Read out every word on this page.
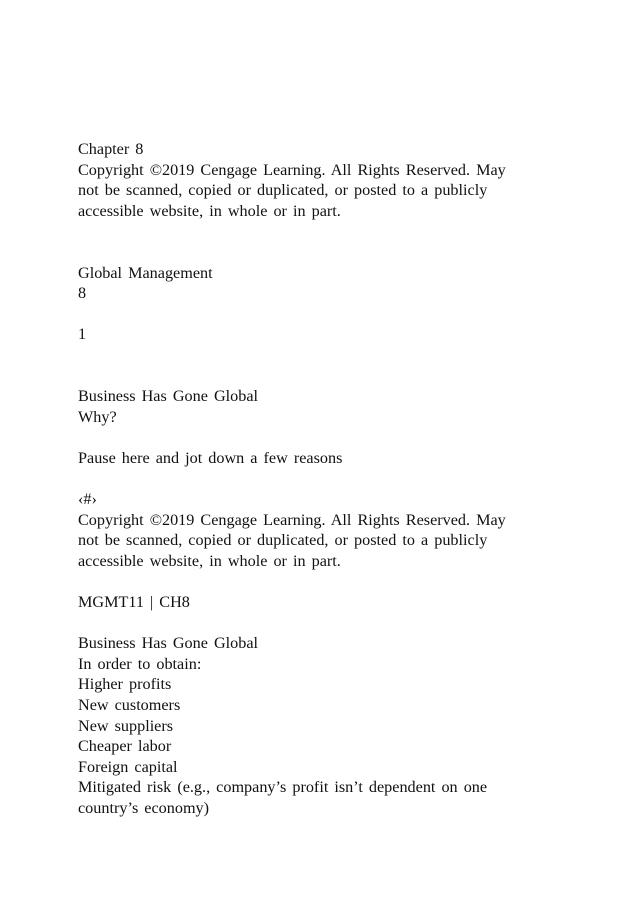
Chapter 8
Copyright ©2019 Cengage Learning. All Rights Reserved. May
not be scanned, copied or duplicated, or posted to a publicly
accessible website, in whole or in part.
Global Management
8
1
Business Has Gone Global
Why?
Pause here and jot down a few reasons
‹#›
Copyright ©2019 Cengage Learning. All Rights Reserved. May
not be scanned, copied or duplicated, or posted to a publicly
accessible website, in whole or in part.
MGMT11 | CH8
Business Has Gone Global
In order to obtain:
Higher profits
New customers
New suppliers
Cheaper labor
Foreign capital
Mitigated risk (e.g., company’s profit isn’t dependent on one
country’s economy)
